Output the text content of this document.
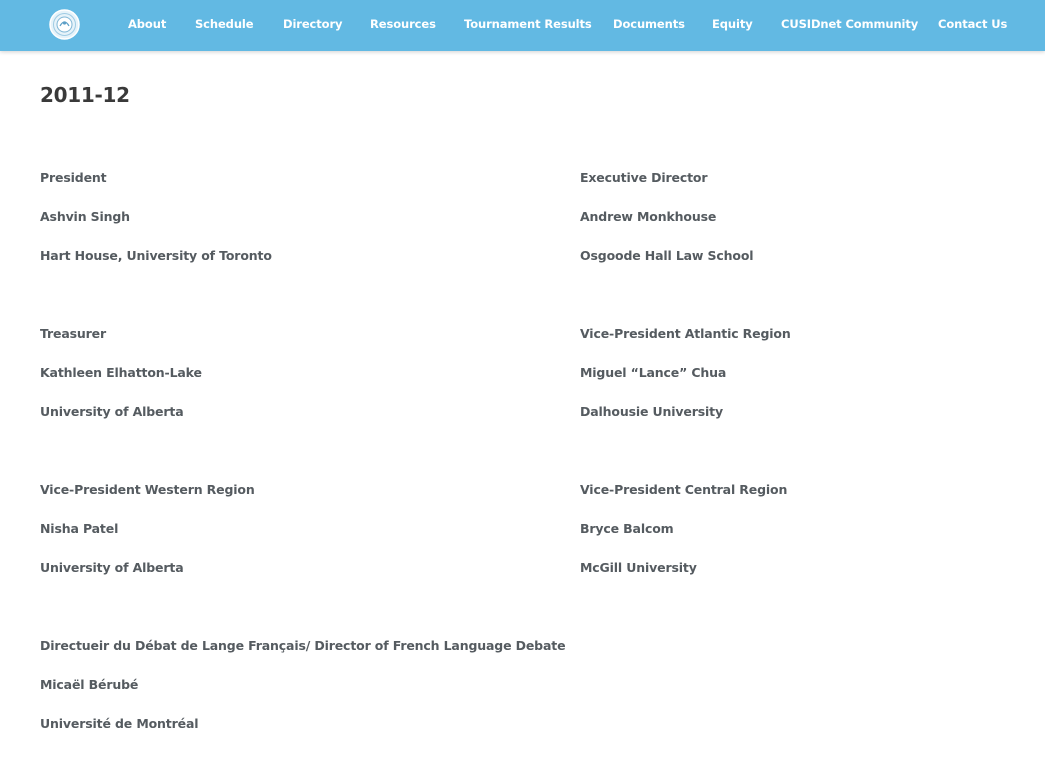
About	Schedule	Directory Resources Tournament Results Documents Equity CUSIDnet Community Contact Us
2011-12
President
Ashvin Singh
Hart House, University of Toronto
Executive Director
Andrew Monkhouse
Osgoode Hall Law School
Treasurer
Kathleen Elhatton-Lake
University of Alberta
Vice-President Atlantic Region
Miguel “Lance” Chua
Dalhousie University
Vice-President Western Region
Nisha Patel
University of Alberta
Vice-President Central Region
Bryce Balcom
McGill University
Directueir du Débat de Lange Français/ Director of French Language Debate
Micaël Bérubé
Université de Montréal
